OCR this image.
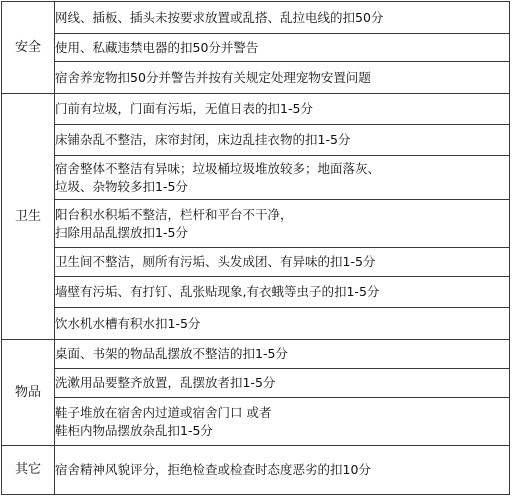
安全	网线、插板、插头未按要求放置或乱搭、乱拉电线的扣50分
	使用、私藏违禁电器的扣50分并警告
	宿舍养宠物扣50分并警告并按有关规定处理宠物安置问题
卫生	门前有垃圾，门面有污垢，无值日表的扣1-5分
	床铺杂乱不整洁，床帘封闭，床边乱挂衣物的扣1-5分
	宿舍整体不整洁有异味；垃圾桶垃圾堆放较多；地面落灰、
垃圾、杂物较多扣1-5分
	阳台积水积垢不整洁，栏杆和平台不干净，
扫除用品乱摆放扣1-5分
	卫生间不整洁，厕所有污垢、头发成团、有异味的扣1-5分
	墙壁有污垢、有打钉、乱张贴现象,有衣蛾等虫子的扣1-5分
	饮水机水槽有积水扣1-5分
物品	桌面、书架的物品乱摆放不整洁的扣1-5分
	洗漱用品要整齐放置，乱摆放者扣1-5分
	鞋子堆放在宿舍内过道或宿舍门口 或者
鞋柜内物品摆放杂乱扣1-5分
其它	宿舍精神风貌评分，拒绝检查或检查时态度恶劣的扣10分
